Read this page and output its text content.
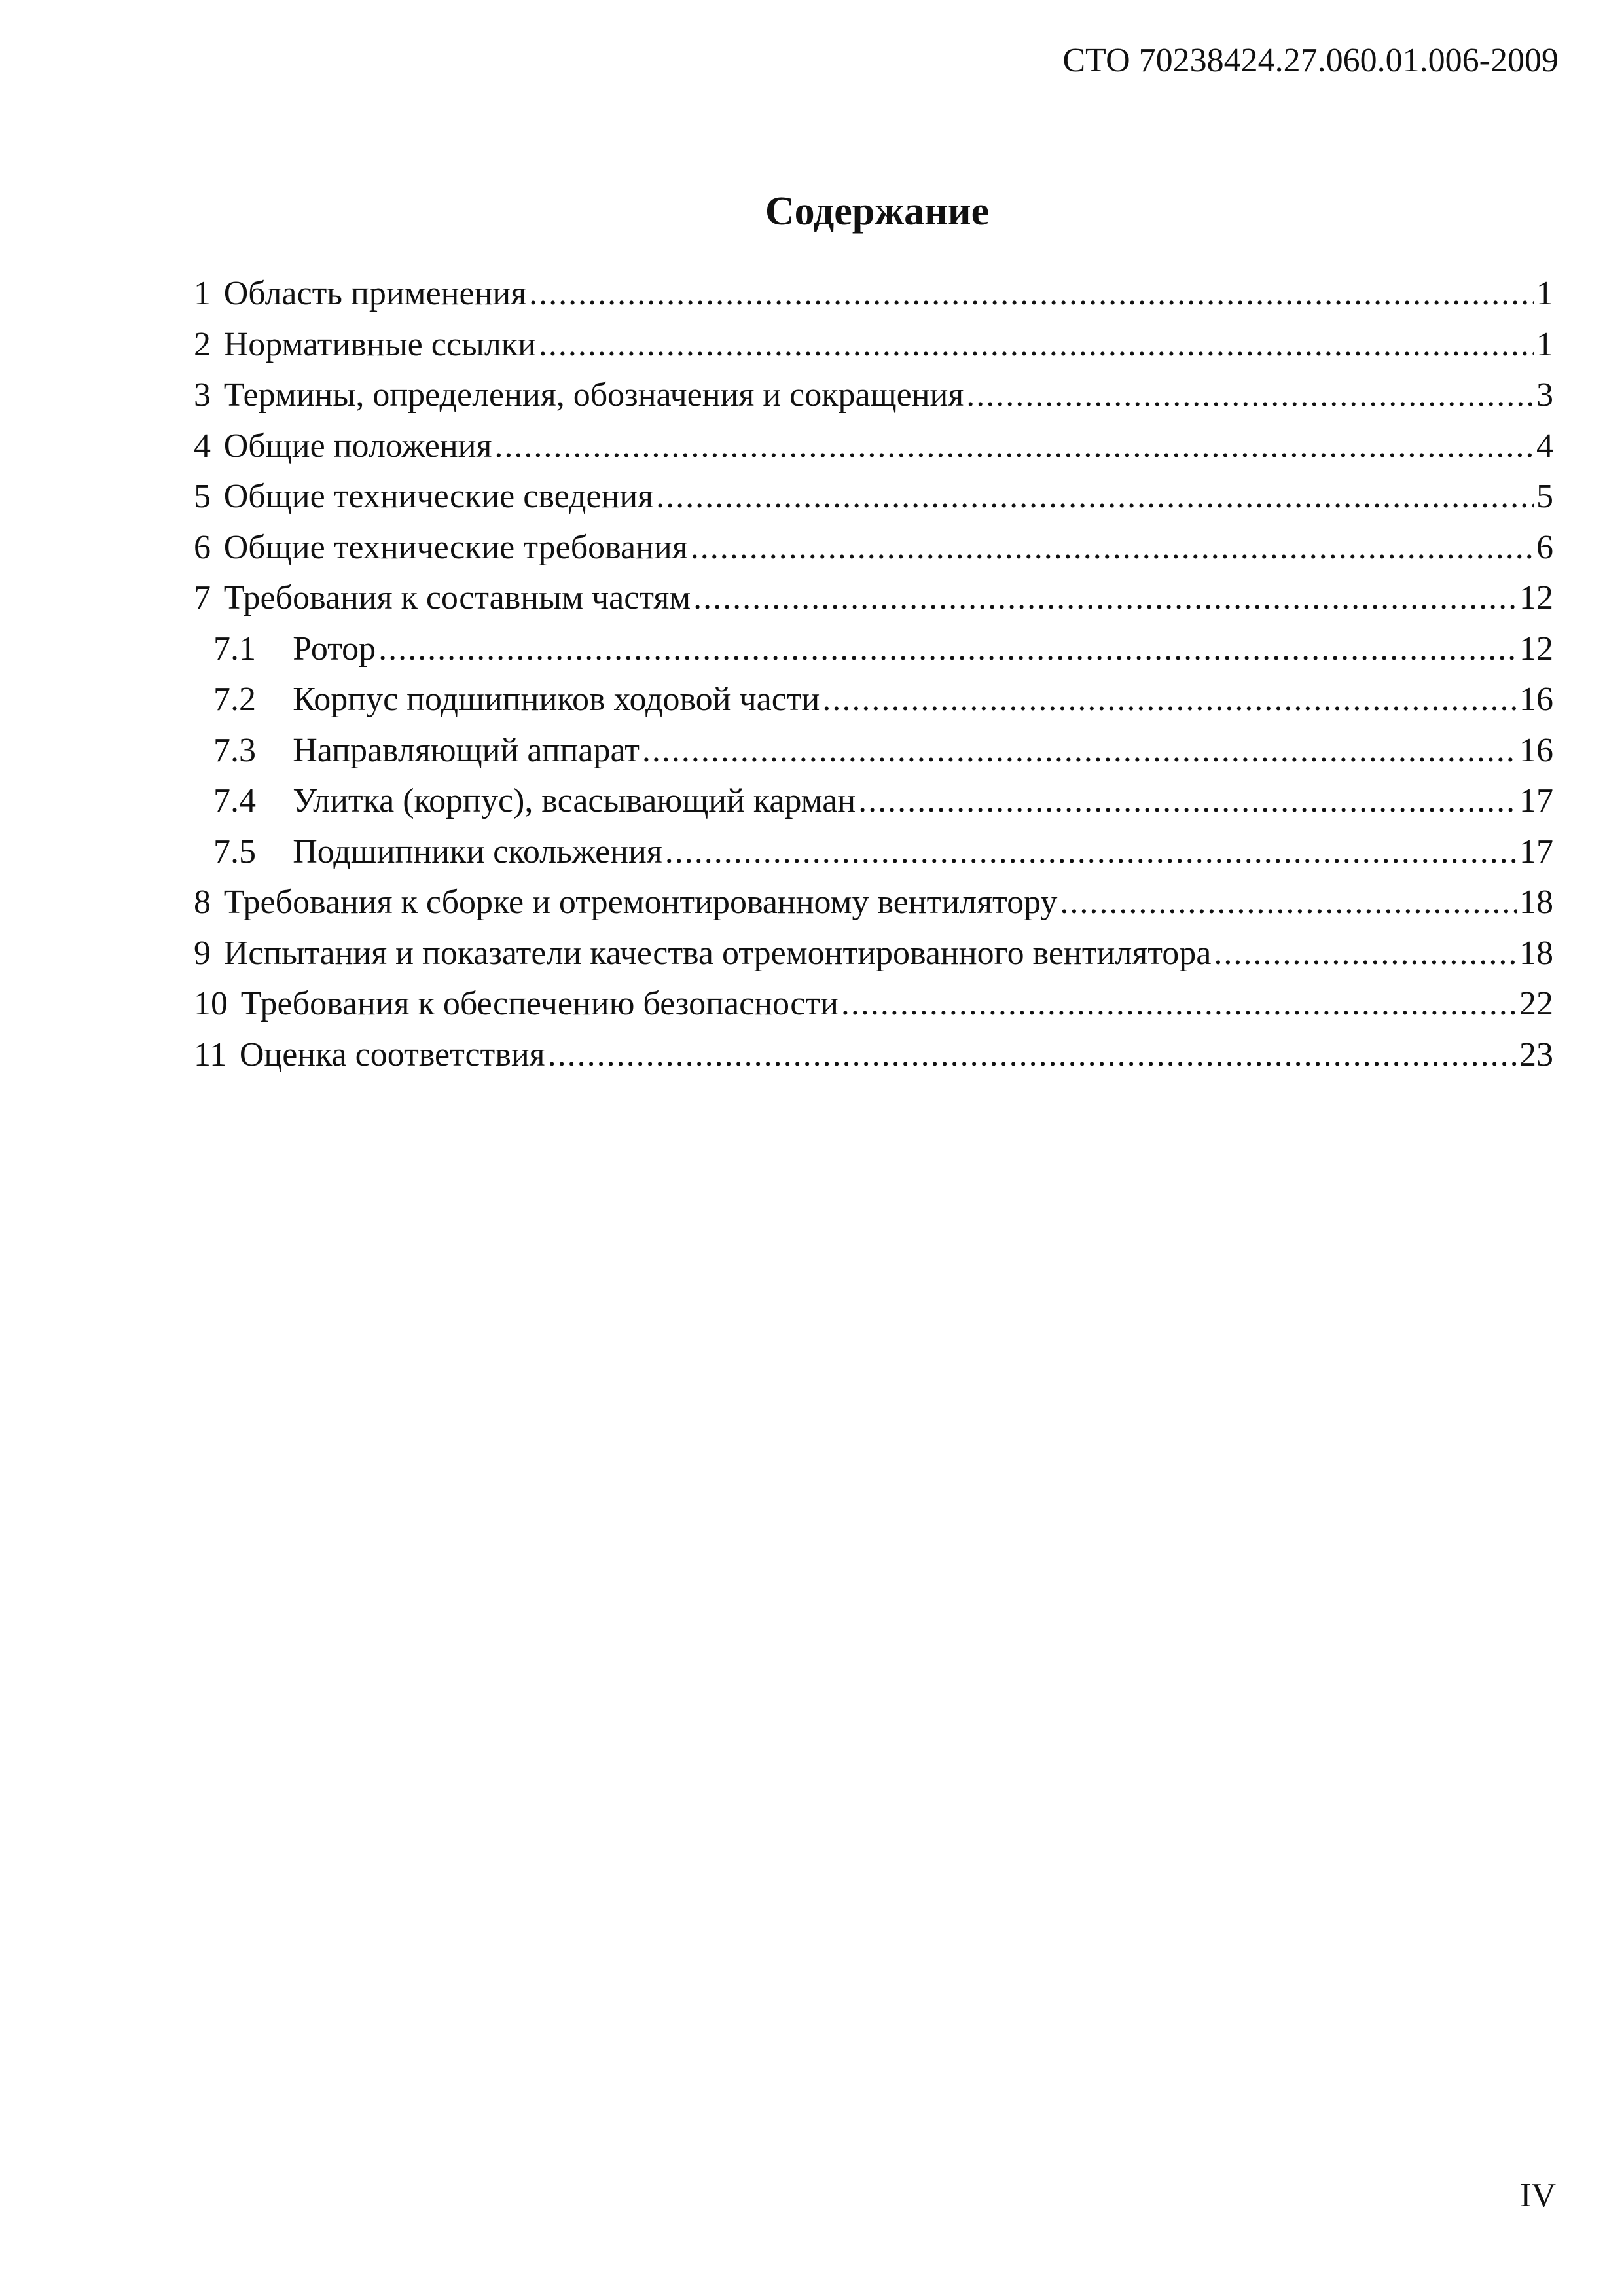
СТО 70238424.27.060.01.006-2009
Содержание
1 Область применения .....	1
2 Нормативные ссылки .....	1
3 Термины, определения, обозначения и сокращения .....	3
4 Общие положения .....	4
5 Общие технические сведения .....	5
6 Общие технические требования .....	6
7 Требования к составным частям .....	12
7.1	Ротор .....	12
7.2	Корпус подшипников ходовой части .....	16
7.3	Направляющий аппарат .....	16
7.4	Улитка (корпус), всасывающий карман .....	17
7.5	Подшипники скольжения .....	17
8 Требования к сборке и отремонтированному вентилятору .....	18
9 Испытания и показатели качества отремонтированного вентилятора .....	18
10 Требования к обеспечению безопасности .....	22
11 Оценка соответствия .....	23
IV
